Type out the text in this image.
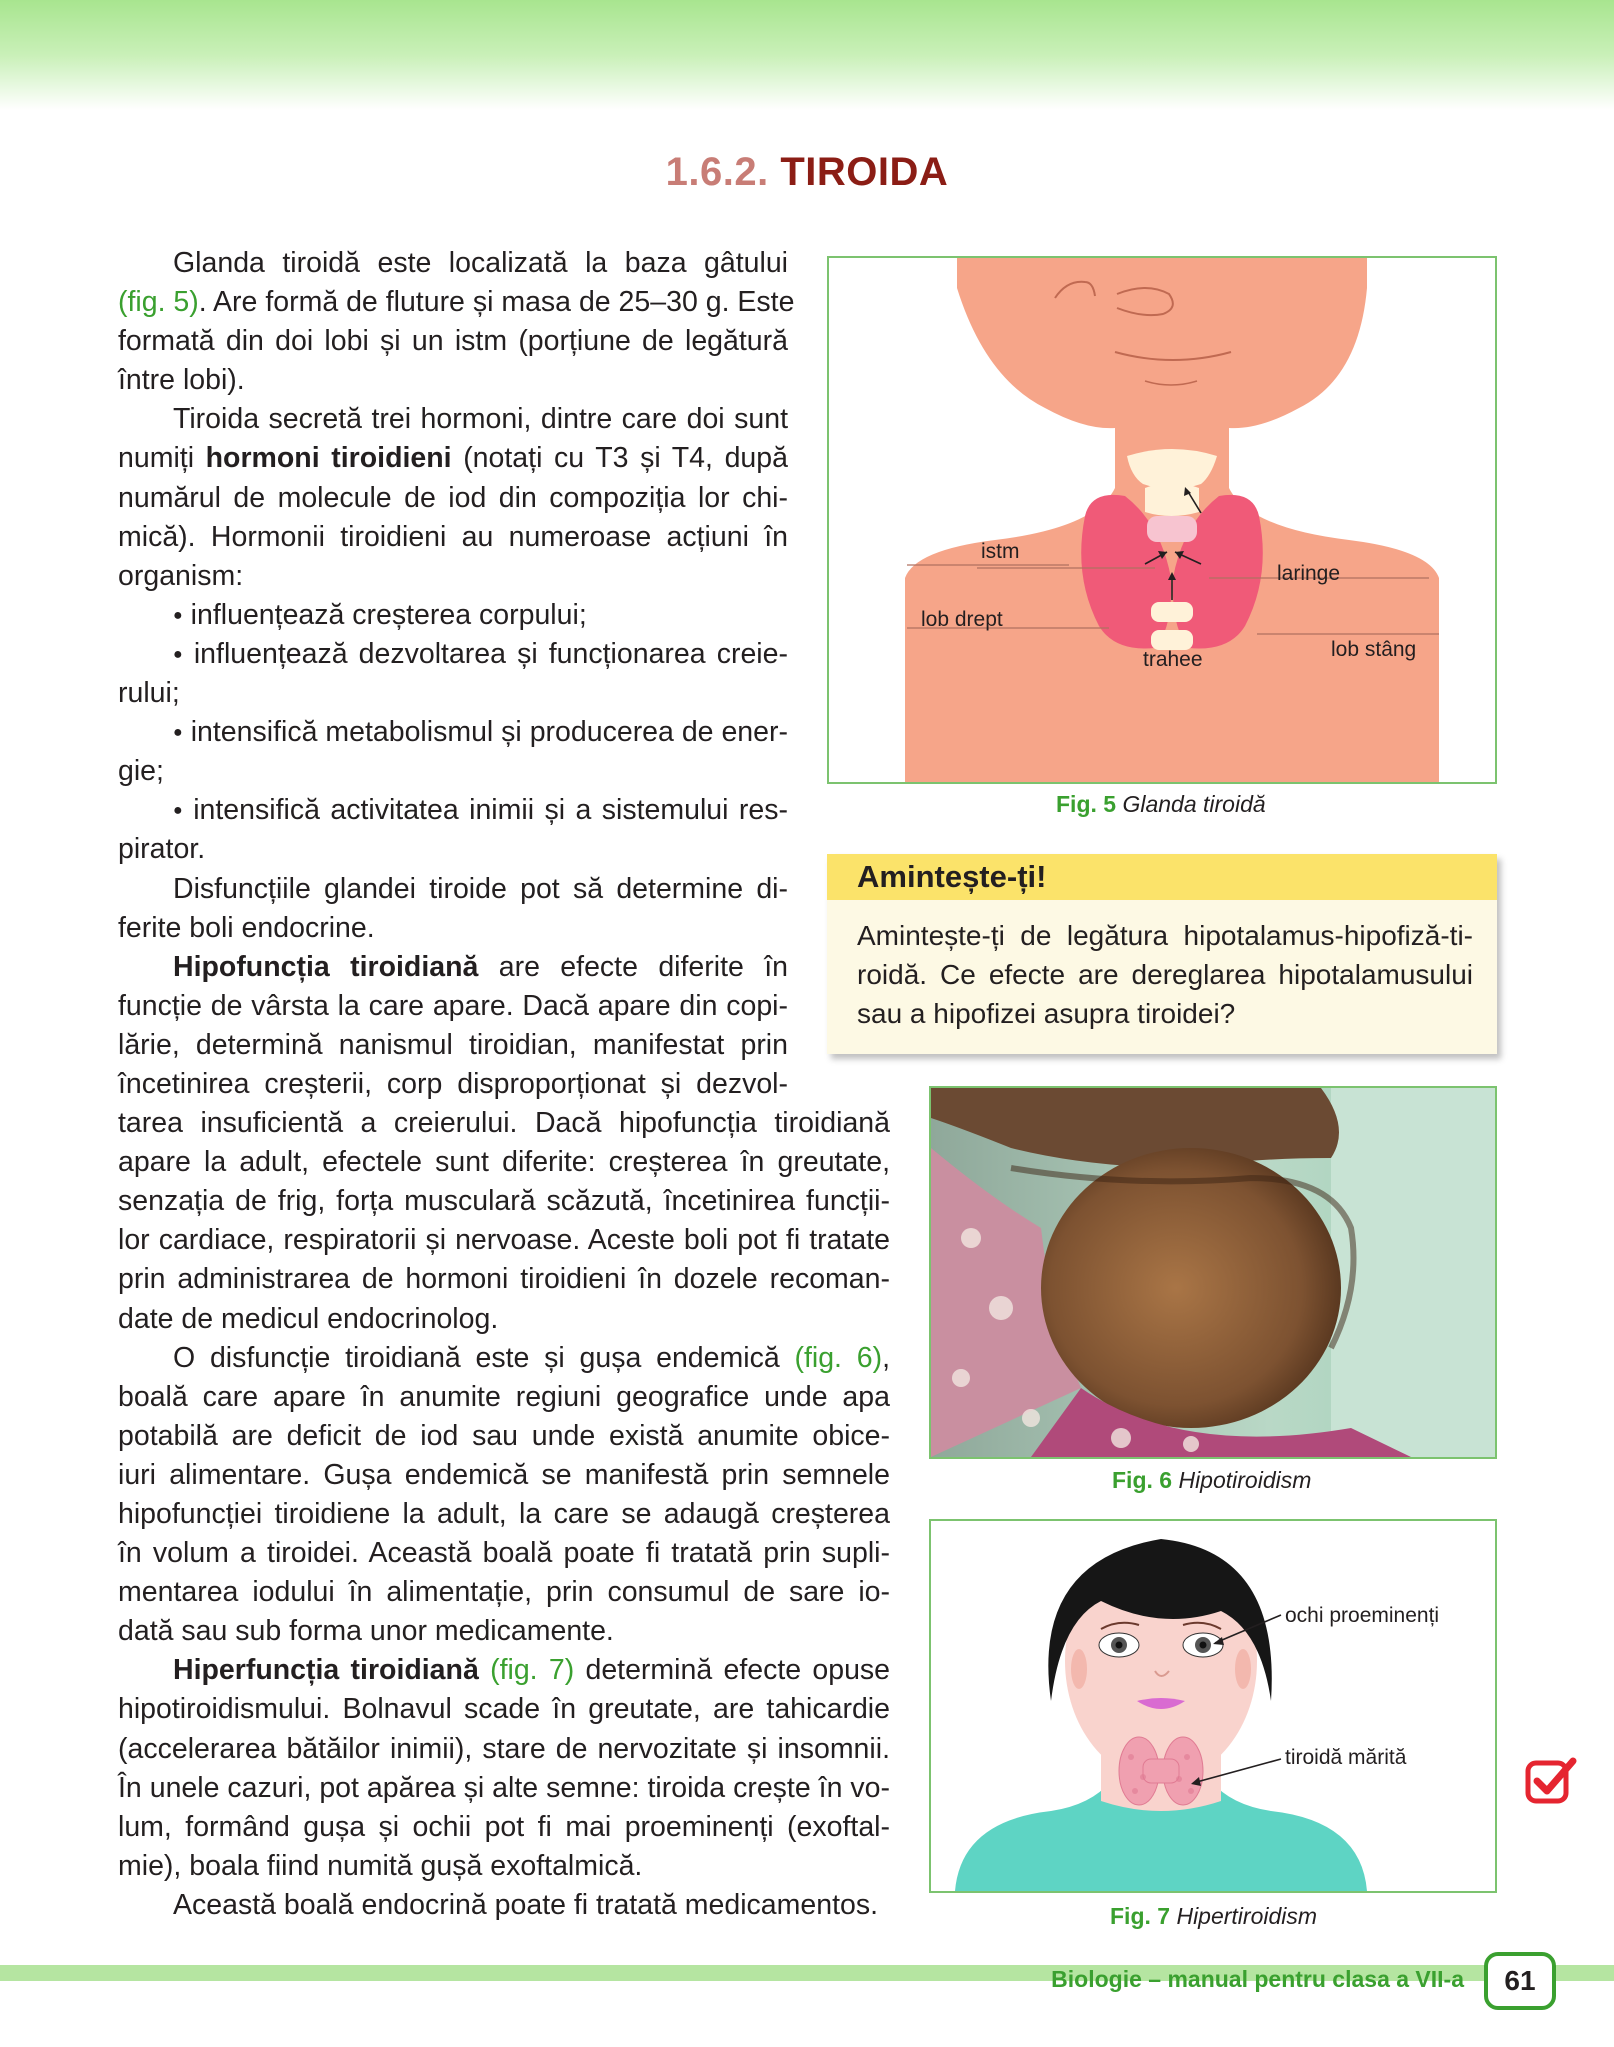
1.6.2. TIROIDA
Glanda tiroidă este localizată la baza gâtului
(fig. 5). Are formă de fluture și masa de 25–30 g. Este
formată din doi lobi și un istm (porțiune de legătură
între lobi).
Tiroida secretă trei hormoni, dintre care doi sunt
numiți hormoni tiroidieni (notați cu T3 și T4, după
numărul de molecule de iod din compoziția lor chi-
mică). Hormonii tiroidieni au numeroase acțiuni în
organism:
● influențează creșterea corpului;
● influențează dezvoltarea și funcționarea creie-
rului;
● intensifică metabolismul și producerea de ener-
gie;
● intensifică activitatea inimii și a sistemului res-
pirator.
Disfuncțiile glandei tiroide pot să determine di-
ferite boli endocrine.
Hipofuncția tiroidiană are efecte diferite în
funcție de vârsta la care apare. Dacă apare din copi-
lărie, determină nanismul tiroidian, manifestat prin
încetinirea creșterii, corp disproporționat și dezvol-
tarea insuficientă a creierului. Dacă hipofuncția tiroidiană
apare la adult, efectele sunt diferite: creșterea în greutate,
senzația de frig, forța musculară scăzută, încetinirea funcții-
lor cardiace, respiratorii și nervoase. Aceste boli pot fi tratate
prin administrarea de hormoni tiroidieni în dozele recoman-
date de medicul endocrinolog.
O disfuncție tiroidiană este și gușa endemică (fig. 6),
boală care apare în anumite regiuni geografice unde apa
potabilă are deficit de iod sau unde există anumite obice-
iuri alimentare. Gușa endemică se manifestă prin semnele
hipofuncției tiroidiene la adult, la care se adaugă creșterea
în volum a tiroidei. Această boală poate fi tratată prin supli-
mentarea iodului în alimentație, prin consumul de sare io-
dată sau sub forma unor medicamente.
Hiperfuncția tiroidiană (fig. 7) determină efecte opuse
hipotiroidismului. Bolnavul scade în greutate, are tahicardie
(accelerarea bătăilor inimii), stare de nervozitate și insomnii.
În unele cazuri, pot apărea și alte semne: tiroida crește în vo-
lum, formând gușa și ochii pot fi mai proeminenți (exoftal-
mie), boala fiind numită gușă exoftalmică.
Această boală endocrină poate fi tratată medicamentos.
istm
laringe
lob drept
lob stâng
trahee
Fig. 5 Glanda tiroidă
Amintește-ți!
Amintește-ți de legătura hipotalamus-hipofiză-ti-
roidă. Ce efecte are dereglarea hipotalamusului
sau a hipofizei asupra tiroidei?
Fig. 6 Hipotiroidism
ochi proeminenți
tiroidă mărită
Fig. 7 Hipertiroidism
Biologie – manual pentru clasa a VII-a	61
